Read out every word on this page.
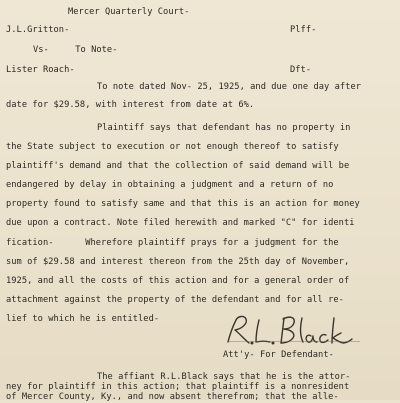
Mercer Quarterly Court-

J.L.Gritton-	Plff-

Vs-     To Note-

Lister Roach-	Dft-

To note dated Nov- 25, 1925, and due one day after

date for $29.58, with interest from date at 6%.

Plaintiff says that defendant has no property in

the State subject to execution or not enough thereof to satisfy

plaintiff's demand and that the collection of said demand will be

endangered by delay in obtaining a judgment and a return of no

property found to satisfy same and that this is an action for money

due upon a contract. Note filed herewith and marked "C" for identi

fication-      Wherefore plaintiff prays for a judgment for the

sum of $29.58 and interest thereon from the 25th day of November,

1925, and all the costs of this action and for a general order of

attachment against the property of the defendant and for all re-

lief to which he is entitled-

Att'y- For Defendant-

The affiant R.L.Black says that he is the attor-

ney for plaintiff in this action; that plaintiff is a nonresident

of Mercer County, Ky., and now absent therefrom; that the alle-
